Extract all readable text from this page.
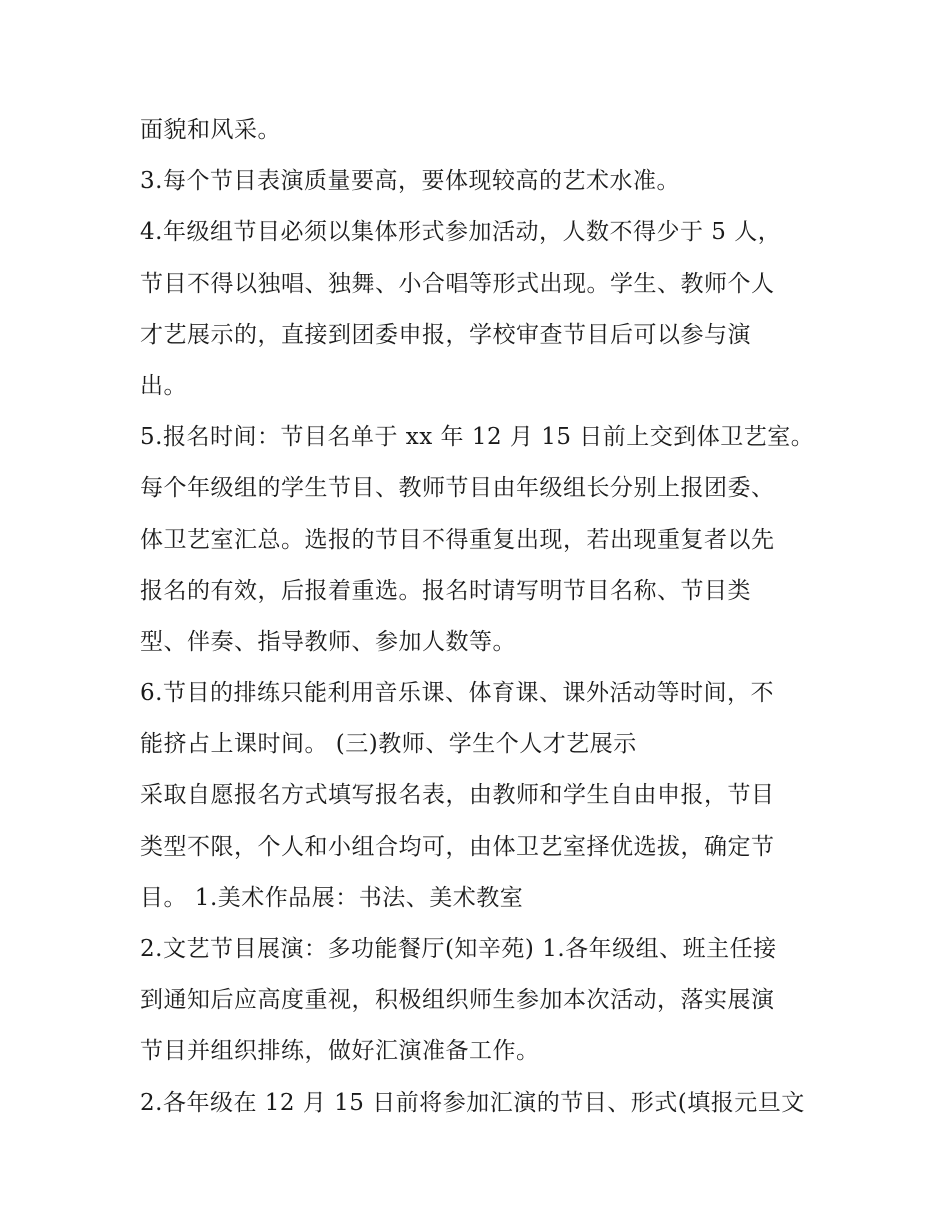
面貌和风采。
3.每个节目表演质量要高，要体现较高的艺术水准。
4.年级组节目必须以集体形式参加活动，人数不得少于 5 人，
节目不得以独唱、独舞、小合唱等形式出现。学生、教师个人
才艺展示的，直接到团委申报，学校审查节目后可以参与演
出。
5.报名时间：节目名单于 xx 年 12 月 15 日前上交到体卫艺室。
每个年级组的学生节目、教师节目由年级组长分别上报团委、
体卫艺室汇总。选报的节目不得重复出现，若出现重复者以先
报名的有效，后报着重选。报名时请写明节目名称、节目类
型、伴奏、指导教师、参加人数等。
6.节目的排练只能利用音乐课、体育课、课外活动等时间，不
能挤占上课时间。 (三)教师、学生个人才艺展示
采取自愿报名方式填写报名表，由教师和学生自由申报，节目
类型不限，个人和小组合均可，由体卫艺室择优选拔，确定节
目。 1.美术作品展：书法、美术教室
2.文艺节目展演：多功能餐厅(知辛苑) 1.各年级组、班主任接
到通知后应高度重视，积极组织师生参加本次活动，落实展演
节目并组织排练，做好汇演准备工作。
2.各年级在 12 月 15 日前将参加汇演的节目、形式(填报元旦文
